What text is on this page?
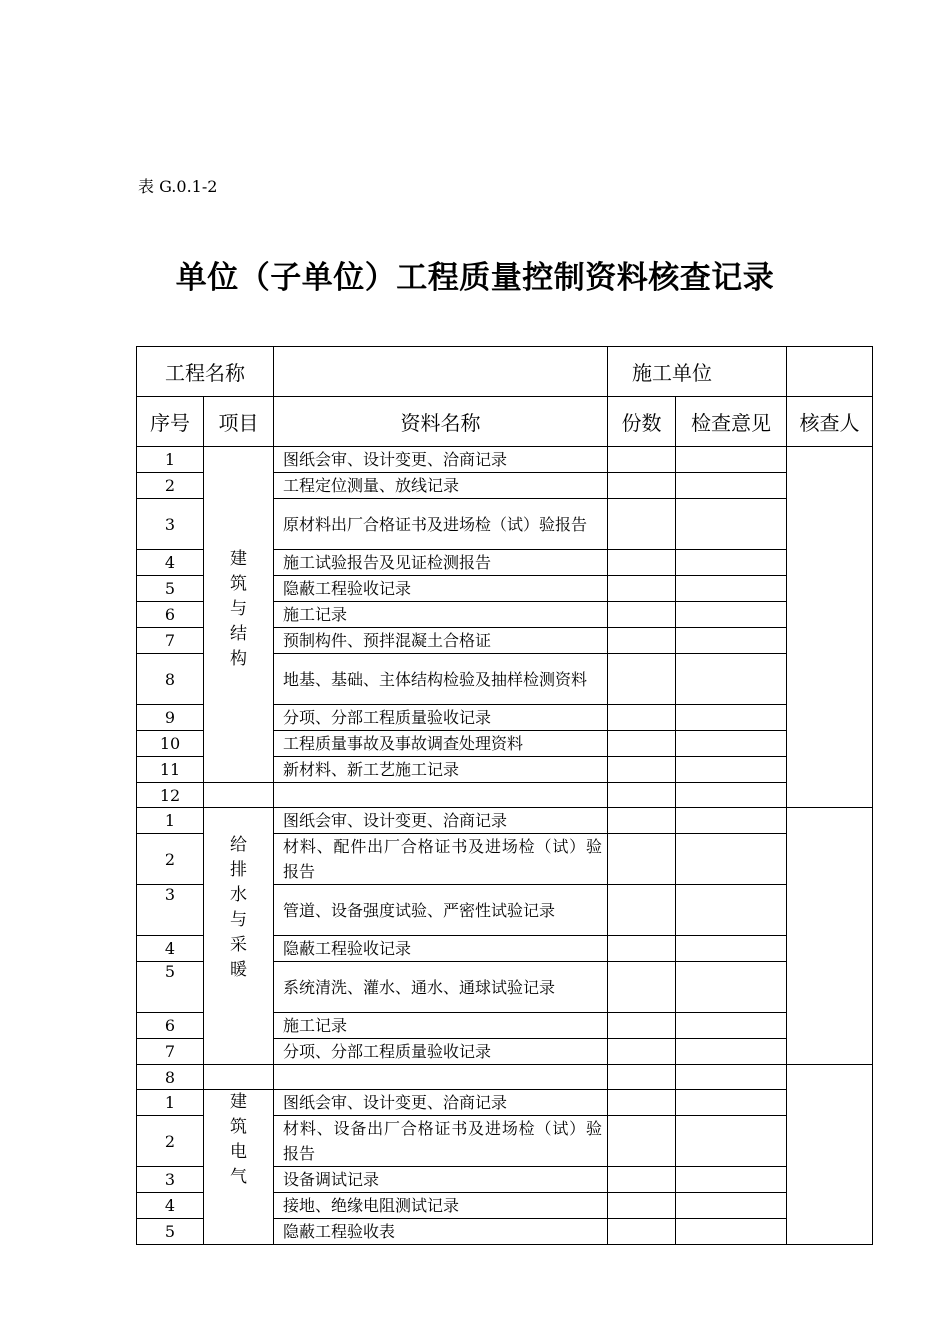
表 G.0.1-2
单位（子单位）工程质量控制资料核查记录
工程名称			施工单位		
序号	项目	资料名称	份数	检查意见	核查人
1	建筑与结构	图纸会审、设计变更、洽商记录			
2		工程定位测量、放线记录			
3		原材料出厂合格证书及进场检（试）验报告			
4		施工试验报告及见证检测报告			
5		隐蔽工程验收记录			
6		施工记录			
7		预制构件、预拌混凝土合格证			
8		地基、基础、主体结构检验及抽样检测资料			
9		分项、分部工程质量验收记录			
10		工程质量事故及事故调查处理资料			
11		新材料、新工艺施工记录			
12					
1	给排水与采暖	图纸会审、设计变更、洽商记录			
2		材料、配件出厂合格证书及进场检（试）验报告			
3		管道、设备强度试验、严密性试验记录			
4		隐蔽工程验收记录			
5		系统清洗、灌水、通水、通球试验记录			
6		施工记录			
7		分项、分部工程质量验收记录			
8					
1	建筑电气	图纸会审、设计变更、洽商记录			
2		材料、设备出厂合格证书及进场检（试）验报告			
3		设备调试记录			
4		接地、绝缘电阻测试记录			
5		隐蔽工程验收表			
